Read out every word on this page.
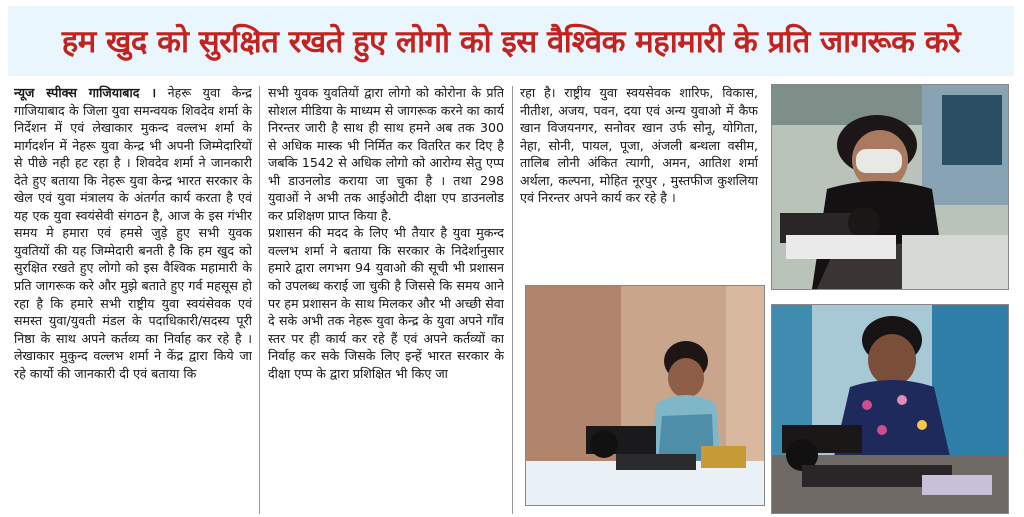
हम खुद को सुरक्षित रखते हुए लोगो को इस वैश्विक महामारी के प्रति जागरूक करे

न्यूज स्पीक्स गाजियाबाद । नेहरू युवा केन्द्र गाजियाबाद के जिला युवा समन्वयक शिवदेव शर्मा के निर्देशन में एवं लेखाकार मुकन्द वल्लभ शर्मा के मार्गदर्शन में नेहरू युवा केन्द्र भी अपनी जिम्मेदारियों से पीछे नही हट रहा है । शिवदेव शर्मा ने जानकारी देते हुए बताया कि नेहरू युवा केन्द्र भारत सरकार के खेल एवं युवा मंत्रालय के अंतर्गत कार्य करता है एवं यह एक युवा स्वयंसेवी संगठन है, आज के इस गंभीर समय मे हमारा एवं हमसे जुड़े हुए सभी युवक युवतियों की यह जिम्मेदारी बनती है कि हम खुद को सुरक्षित रखते हुए लोगो को इस वैश्विक महामारी के प्रति जागरूक करे और मुझे बताते हुए गर्व महसूस हो रहा है कि हमारे सभी राष्ट्रीय युवा स्वयंसेवक एवं समस्त युवा/युवती मंडल के पदाधिकारी/सदस्य पूरी निष्ठा के साथ अपने कर्तव्य का निर्वाह कर रहे है । लेखाकार मुकुन्द वल्लभ शर्मा ने केंद्र द्वारा किये जा रहे कार्यो की जानकारी दी एवं बताया कि

सभी युवक युवतियों द्वारा लोगो को कोरोना के प्रति सोशल मीडिया के माध्यम से जागरूक करने का कार्य निरन्तर जारी है साथ ही साथ हमने अब तक 300 से अधिक मास्क भी निर्मित कर वितरित कर दिए है जबकि 1542 से अधिक लोगो को आरोग्य सेतु एप्प भी डाउनलोड कराया जा चुका है । तथा 298 युवाओं ने अभी तक आईओटी दीक्षा एप डाउनलोड कर प्रशिक्षण प्राप्त किया है.

प्रशासन की मदद के लिए भी तैयार है युवा मुकन्द वल्लभ शर्मा ने बताया कि सरकार के निदेर्शानुसार हमारे द्वारा लगभग 94 युवाओ की सूची भी प्रशासन को उपलब्ध कराई जा चुकी है जिससे कि समय आने पर हम प्रशासन के साथ मिलकर और भी अच्छी सेवा दे सके अभी तक नेहरू युवा केन्द्र के युवा अपने गाँव स्तर पर ही कार्य कर रहे हैं एवं अपने कर्तव्यों का निर्वाह कर सके जिसके लिए इन्हें भारत सरकार के दीक्षा एप्प के द्वारा प्रशिक्षित भी किए जा

रहा है। राष्ट्रीय युवा स्वयसेवक शारिफ, विकास, नीतीश, अजय, पवन, दया एवं अन्य युवाओ में कैफ खान विजयनगर, सनोवर खान उर्फ सोनू, योगिता, नेहा, सोनी, पायल, पूजा, अंजली बन्थला वसीम, तालिब लोनी अंकित त्यागी, अमन, आतिश शर्मा अर्थला, कल्पना, मोहित नूरपुर , मुस्तफीज कुशलिया एवं निरन्तर अपने कार्य कर रहे है ।
